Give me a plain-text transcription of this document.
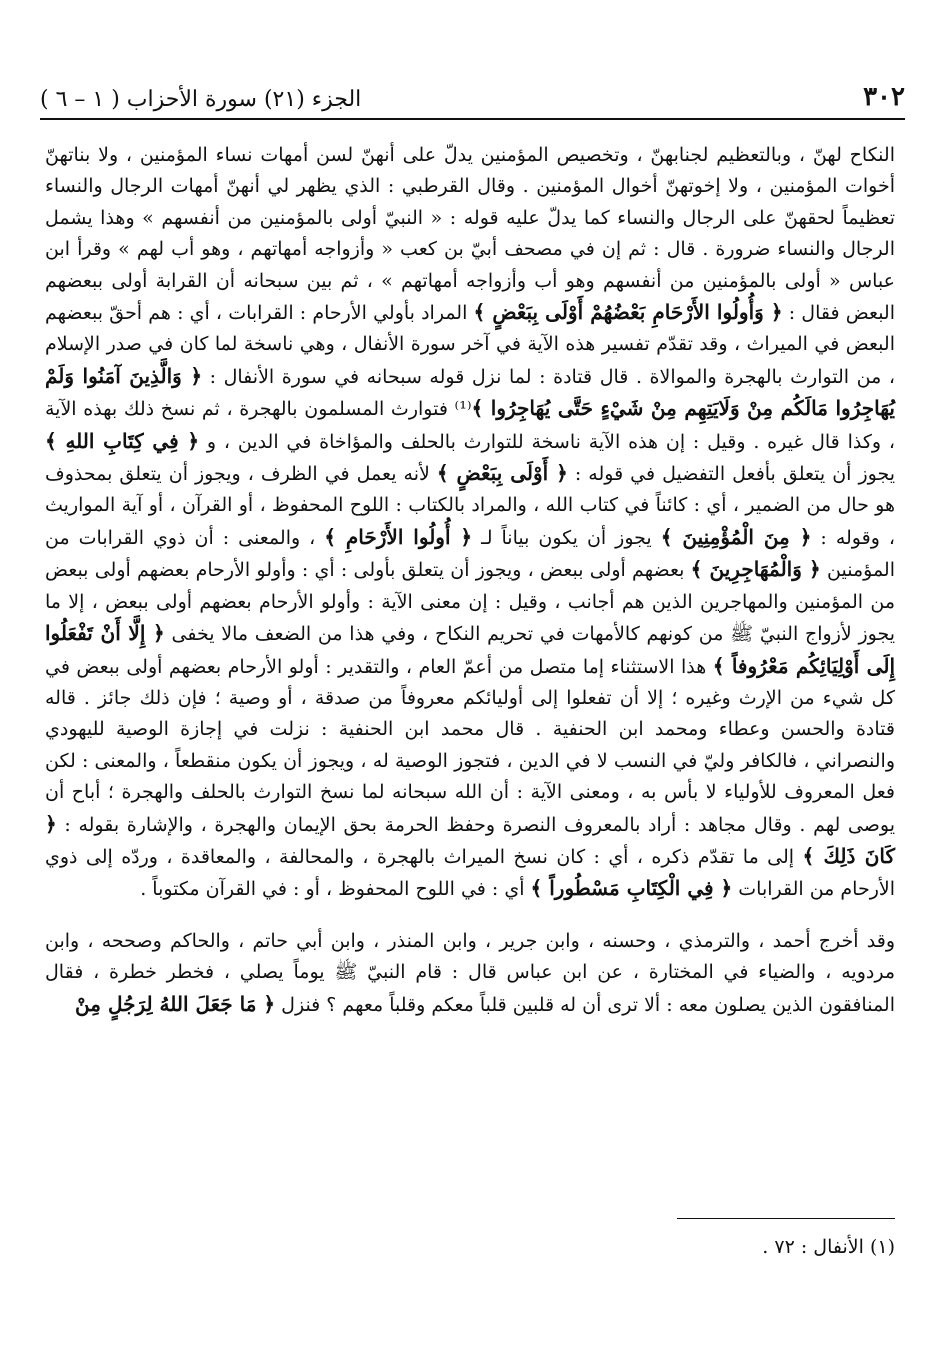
٣٠٢
الجزء (٢١) سورة الأحزاب ( ١ – ٦ )

النكاح لهنّ ، وبالتعظيم لجنابهنّ ، وتخصيص المؤمنين يدلّ على أنهنّ لسن أمهات نساء المؤمنين ، ولا بناتهنّ أخوات المؤمنين ، ولا إخوتهنّ أخوال المؤمنين . وقال القرطبي : الذي يظهر لي أنهنّ أمهات الرجال والنساء تعظيماً لحقهنّ على الرجال والنساء كما يدلّ عليه قوله : « النبيّ أولى بالمؤمنين من أنفسهم » وهذا يشمل الرجال والنساء ضرورة . قال : ثم إن في مصحف أبيّ بن كعب « وأزواجه أمهاتهم ، وهو أب لهم » وقرأ ابن عباس « أولى بالمؤمنين من أنفسهم وهو أب وأزواجه أمهاتهم » ، ثم بين سبحانه أن القرابة أولى ببعضهم البعض فقال : ﴿ وَأُولُوا الأَرْحَامِ بَعْضُهُمْ أَوْلَى بِبَعْضٍ ﴾ المراد بأولي الأرحام : القرابات ، أي : هم أحقّ ببعضهم البعض في الميراث ، وقد تقدّم تفسير هذه الآية في آخر سورة الأنفال ، وهي ناسخة لما كان في صدر الإسلام ، من التوارث بالهجرة والموالاة . قال قتادة : لما نزل قوله سبحانه في سورة الأنفال : ﴿ وَالَّذِينَ آمَنُوا وَلَمْ يُهَاجِرُوا مَالَكُم مِنْ وَلَايَتِهِم مِنْ شَيْءٍ حَتَّى يُهَاجِرُوا ﴾⁽¹⁾ فتوارث المسلمون بالهجرة ، ثم نسخ ذلك بهذه الآية ، وكذا قال غيره . وقيل : إن هذه الآية ناسخة للتوارث بالحلف والمؤاخاة في الدين ، و ﴿ فِي كِتَابِ اللهِ ﴾ يجوز أن يتعلق بأفعل التفضيل في قوله : ﴿ أَوْلَى بِبَعْضٍ ﴾ لأنه يعمل في الظرف ، ويجوز أن يتعلق بمحذوف هو حال من الضمير ، أي : كائناً في كتاب الله ، والمراد بالكتاب : اللوح المحفوظ ، أو القرآن ، أو آية المواريث ، وقوله : ﴿ مِنَ الْمُؤْمِنِينَ ﴾ يجوز أن يكون بياناً لـ ﴿ أُولُوا الأَرْحَامِ ﴾ ، والمعنى : أن ذوي القرابات من المؤمنين ﴿ وَالْمُهَاجِرِينَ ﴾ بعضهم أولى ببعض ، ويجوز أن يتعلق بأولى : أي : وأولو الأرحام بعضهم أولى ببعض من المؤمنين والمهاجرين الذين هم أجانب ، وقيل : إن معنى الآية : وأولو الأرحام بعضهم أولى ببعض ، إلا ما يجوز لأزواج النبيّ ﷺ من كونهم كالأمهات في تحريم النكاح ، وفي هذا من الضعف مالا يخفى ﴿ إِلَّا أَنْ تَفْعَلُوا إِلَى أَوْلِيَائِكُم مَعْرُوفاً ﴾ هذا الاستثناء إما متصل من أعمّ العام ، والتقدير : أولو الأرحام بعضهم أولى ببعض في كل شيء من الإرث وغيره ؛ إلا أن تفعلوا إلى أوليائكم معروفاً من صدقة ، أو وصية ؛ فإن ذلك جائز . قاله قتادة والحسن وعطاء ومحمد ابن الحنفية . قال محمد ابن الحنفية : نزلت في إجازة الوصية لليهودي والنصراني ، فالكافر وليّ في النسب لا في الدين ، فتجوز الوصية له ، ويجوز أن يكون منقطعاً ، والمعنى : لكن فعل المعروف للأولياء لا بأس به ، ومعنى الآية : أن الله سبحانه لما نسخ التوارث بالحلف والهجرة ؛ أباح أن يوصى لهم . وقال مجاهد : أراد بالمعروف النصرة وحفظ الحرمة بحق الإيمان والهجرة ، والإشارة بقوله : ﴿ كَانَ ذَلِكَ ﴾ إلى ما تقدّم ذكره ، أي : كان نسخ الميراث بالهجرة ، والمحالفة ، والمعاقدة ، وردّه إلى ذوي الأرحام من القرابات ﴿ فِي الْكِتَابِ مَسْطُوراً ﴾ أي : في اللوح المحفوظ ، أو : في القرآن مكتوباً .

وقد أخرج أحمد ، والترمذي ، وحسنه ، وابن جرير ، وابن المنذر ، وابن أبي حاتم ، والحاكم وصححه ، وابن مردويه ، والضياء في المختارة ، عن ابن عباس قال : قام النبيّ ﷺ يوماً يصلي ، فخطر خطرة ، فقال المنافقون الذين يصلون معه : ألا ترى أن له قلبين قلباً معكم وقلباً معهم ؟ فنزل ﴿ مَا جَعَلَ اللهُ لِرَجُلٍ مِنْ

(١) الأنفال : ٧٢ .
